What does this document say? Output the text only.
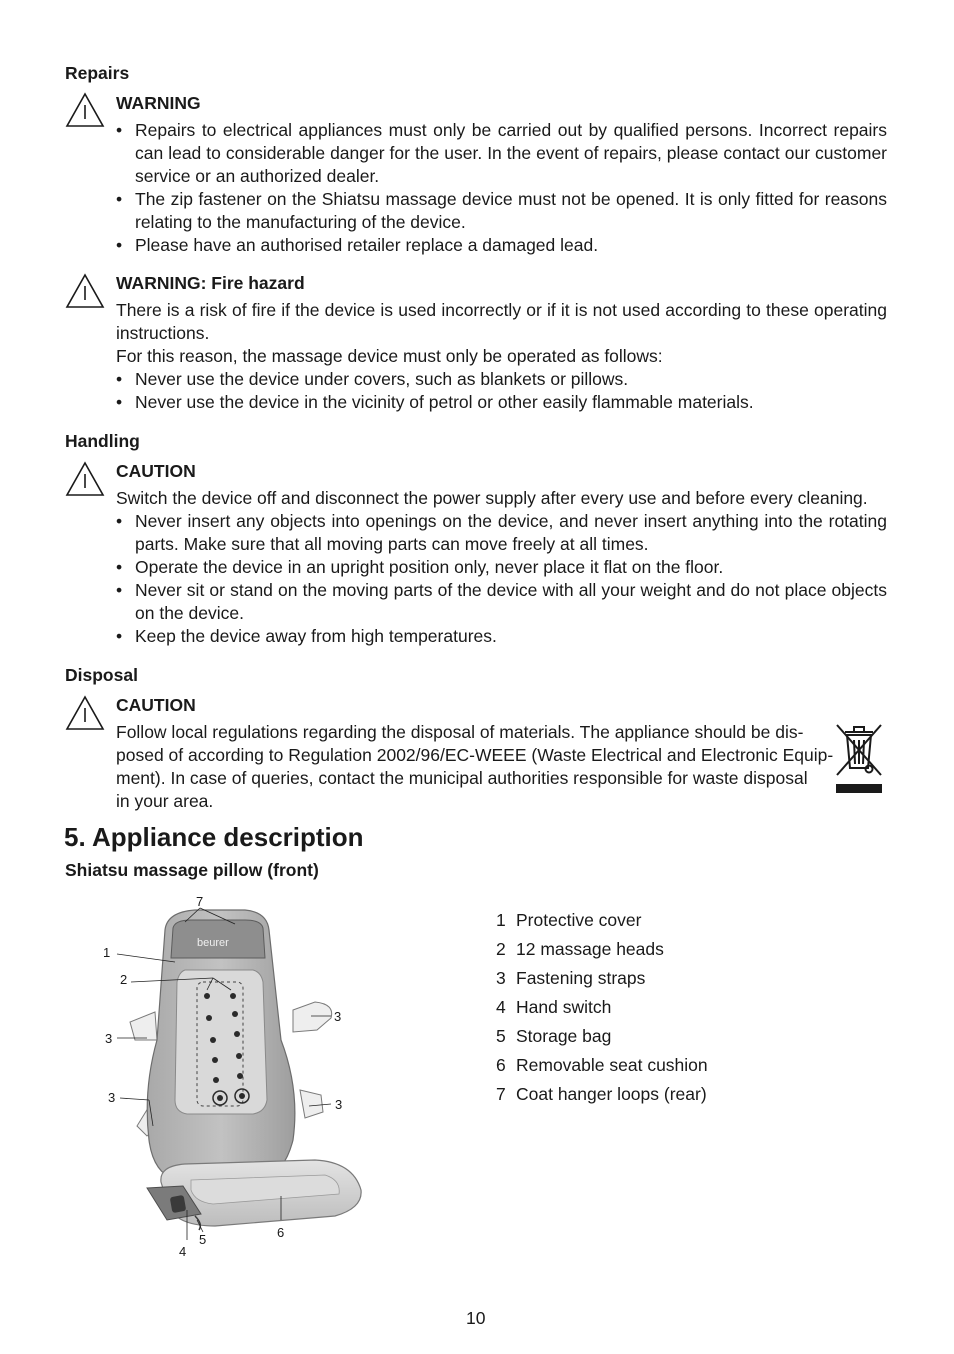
Repairs
WARNING
• Repairs to electrical appliances must only be carried out by qualified persons. Incorrect repairs can lead to considerable danger for the user. In the event of repairs, please contact our customer service or an authorized dealer.
• The zip fastener on the Shiatsu massage device must not be opened. It is only fitted for reasons relating to the manufacturing of the device.
• Please have an authorised retailer replace a damaged lead.
WARNING: Fire hazard
There is a risk of fire if the device is used incorrectly or if it is not used according to these operating instructions.
For this reason, the massage device must only be operated as follows:
• Never use the device under covers, such as blankets or pillows.
• Never use the device in the vicinity of petrol or other easily flammable materials.
Handling
CAUTION
Switch the device off and disconnect the power supply after every use and before every cleaning.
• Never insert any objects into openings on the device, and never insert anything into the rotating parts. Make sure that all moving parts can move freely at all times.
• Operate the device in an upright position only, never place it flat on the floor.
• Never sit or stand on the moving parts of the device with all your weight and do not place objects on the device.
• Keep the device away from high temperatures.
Disposal
CAUTION
Follow local regulations regarding the disposal of materials. The appliance should be dis-
posed of according to Regulation 2002/96/EC-WEEE (Waste Electrical and Electronic Equip-
ment). In case of queries, contact the municipal authorities responsible for waste disposal
in your area.
5. Appliance description
Shiatsu massage pillow (front)
beurer
7
1
2
3
3
3	3
6
5
4
1 Protective cover
2 12 massage heads
3 Fastening straps
4 Hand switch
5 Storage bag
6 Removable seat cushion
7 Coat hanger loops (rear)
10
